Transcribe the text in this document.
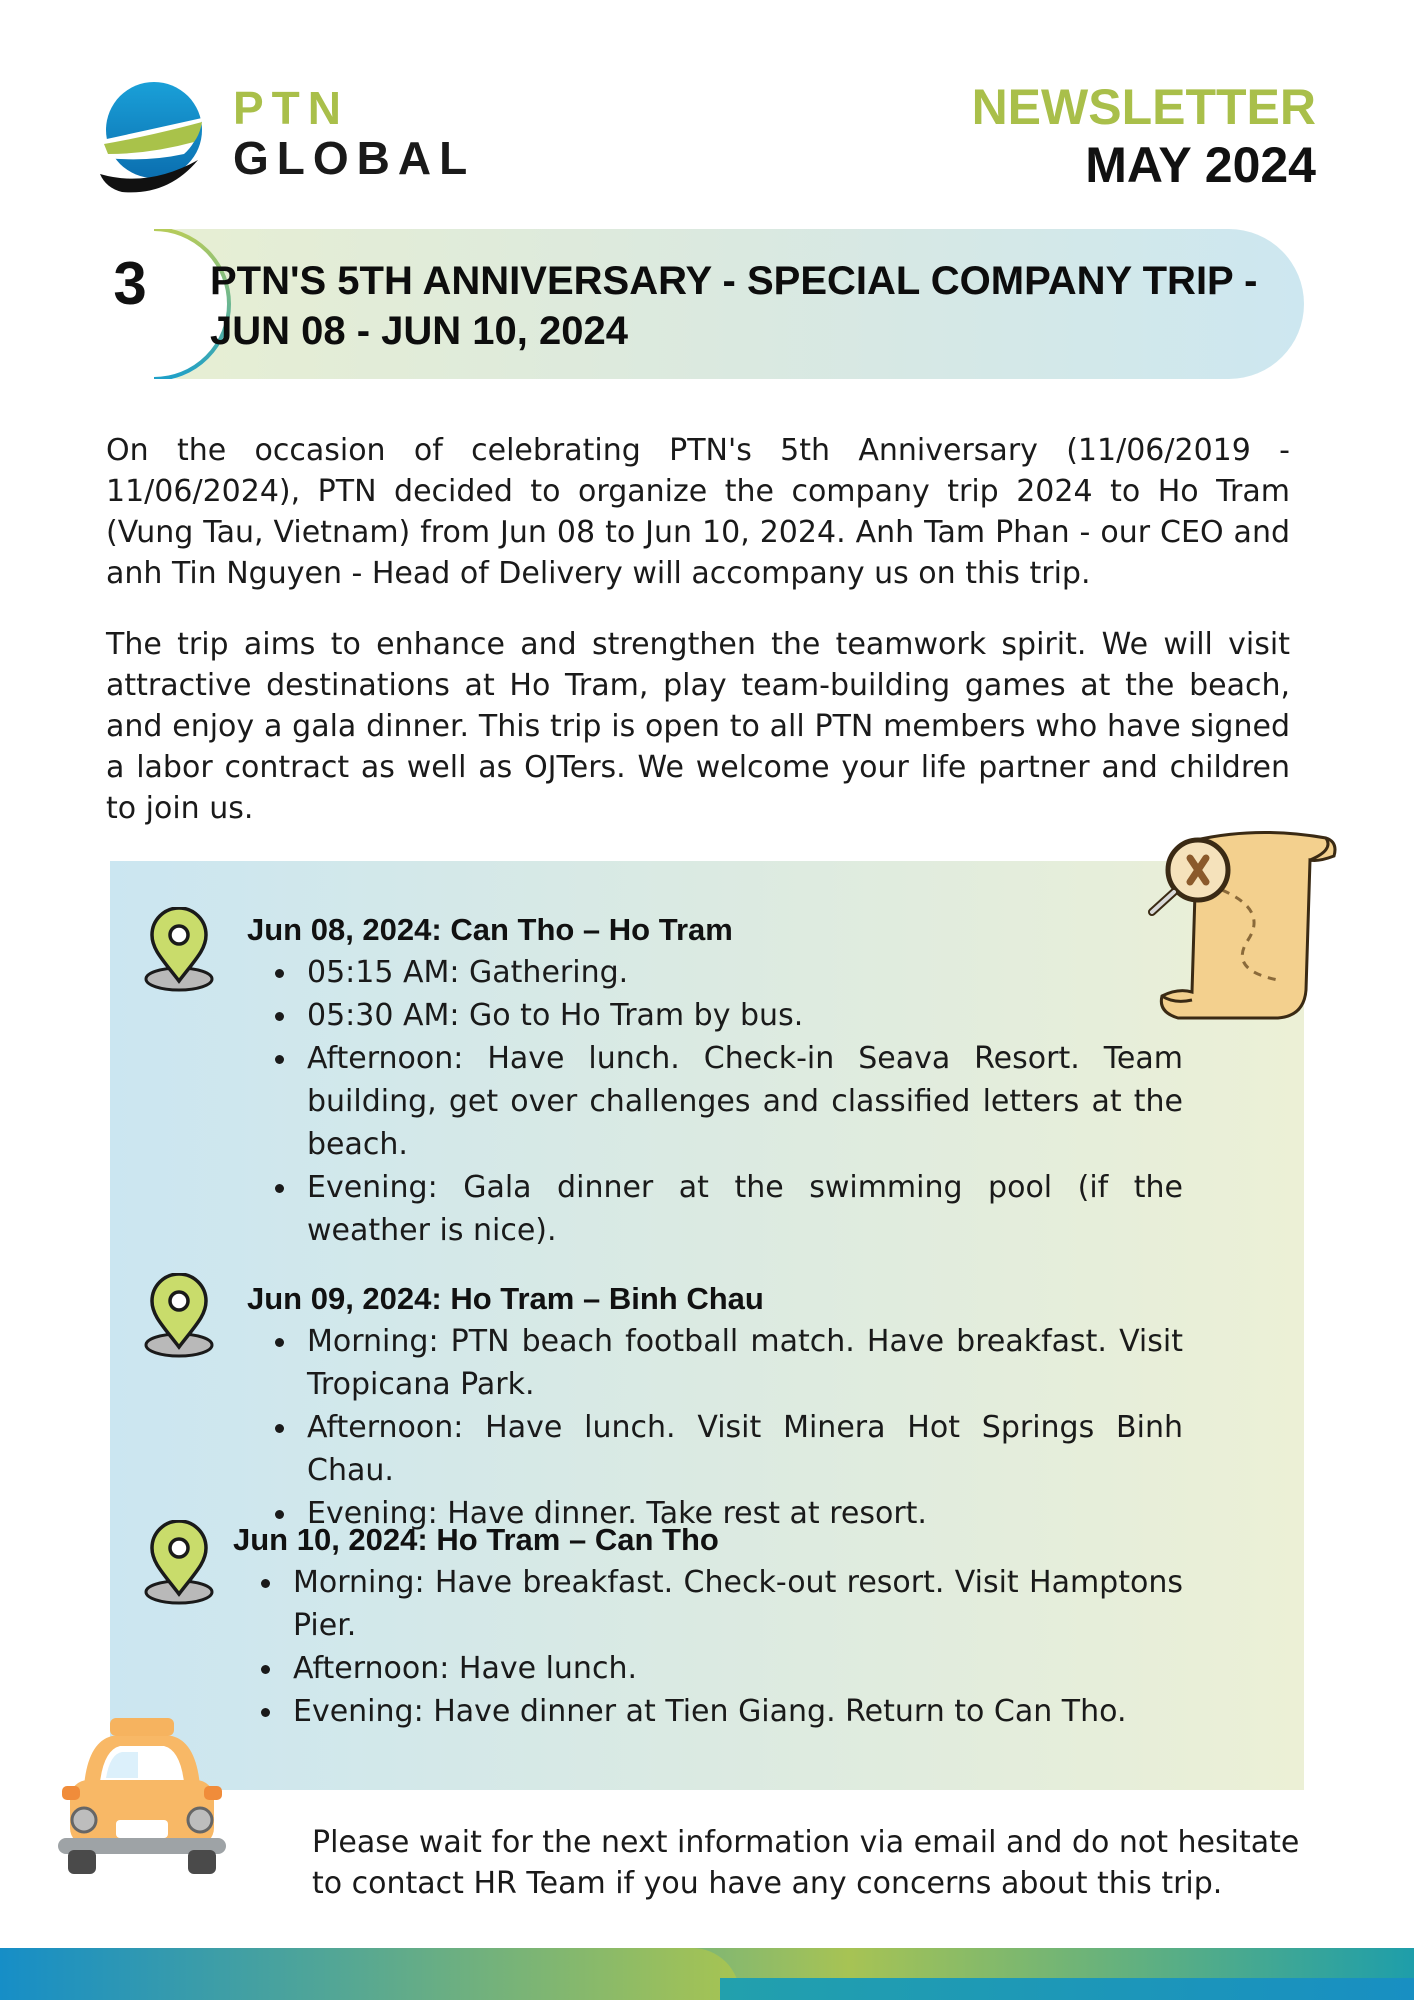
PTN
GLOBAL
NEWSLETTER
MAY 2024
3	PTN'S 5TH ANNIVERSARY - SPECIAL COMPANY TRIP - JUN 08 - JUN 10, 2024
On the occasion of celebrating PTN's 5th Anniversary (11/06/2019 - 11/06/2024), PTN decided to organize the company trip 2024 to Ho Tram (Vung Tau, Vietnam) from Jun 08 to Jun 10, 2024. Anh Tam Phan - our CEO and anh Tin Nguyen - Head of Delivery will accompany us on this trip.
The trip aims to enhance and strengthen the teamwork spirit. We will visit attractive destinations at Ho Tram, play team-building games at the beach, and enjoy a gala dinner. This trip is open to all PTN members who have signed a labor contract as well as OJTers. We welcome your life partner and children to join us.
Jun 08, 2024: Can Tho – Ho Tram
05:15 AM: Gathering.
05:30 AM: Go to Ho Tram by bus.
Afternoon: Have lunch. Check-in Seava Resort. Team building, get over challenges and classified letters at the beach.
Evening: Gala dinner at the swimming pool (if the weather is nice).
Jun 09, 2024: Ho Tram – Binh Chau
Morning: PTN beach football match. Have breakfast. Visit Tropicana Park.
Afternoon: Have lunch. Visit Minera Hot Springs Binh Chau.
Evening: Have dinner. Take rest at resort.
Jun 10, 2024: Ho Tram – Can Tho
Morning: Have breakfast. Check-out resort. Visit Hamptons Pier.
Afternoon: Have lunch.
Evening: Have dinner at Tien Giang. Return to Can Tho.
Please wait for the next information via email and do not hesitate to contact HR Team if you have any concerns about this trip.
